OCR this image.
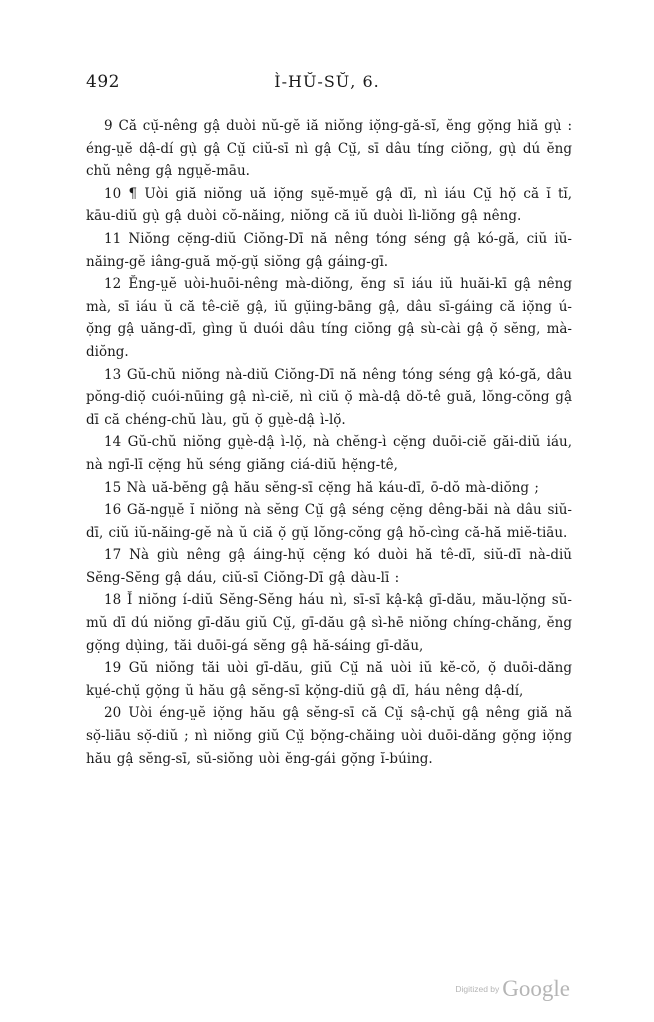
492	Ì-HŬ-SŬ, 6.

9 Că cụ̆-nêng gậ duòi nŭ-gĕ iă niŏng iọ̆ng-gă-sĭ, ĕng gọ̆ng hiă gụ̀ : éng-ṳĕ dậ-dí gụ̀ gậ Cṳ̆ ciŭ-sī nì gậ Cṳ̆, sī dâu tíng ciŏng, gụ̀ dú ĕng chŭ nêng gậ ngṳĕ-māu.

10 ¶ Uòi giă niŏng uă iọ̆ng sṳĕ-mṳĕ gậ dī, nì iáu Cṳ̆ họ̆ că ĭ tĭ, kāu-diŭ gụ̀ gậ duòi cŏ-năing, niŏng că iŭ duòi lì-liŏng gậ nêng.

11 Niŏng cẹ̆ng-diŭ Ciŏng-Dī nă nêng tóng séng gậ kó-gă, ciŭ iŭ-năing-gĕ iâng-guă mọ̆-gụ̆ siŏng gậ gáing-gī.

12 Ĕng-ṳĕ uòi-huōi-nêng mà-diŏng, ĕng sī iáu iŭ huăi-kī gậ nêng mà, sī iáu ŭ că tê-ciĕ gậ, iŭ gụ̆ing-bāng gậ, dâu sī-gáing că iọ̆ng ú-ọ̆ng gậ uăng-dī, gìng ŭ duói dâu tíng ciŏng gậ sù-cài gậ ọ̆ sĕng, mà-diŏng.

13 Gŭ-chŭ niŏng nà-diŭ Ciŏng-Dī nă nêng tóng séng gậ kó-gă, dâu pŏng-diọ̆ cuói-nūing gậ nì-ciĕ, nì ciŭ ọ̆ mà-dậ dŏ-tê guă, lŏng-cŏng gậ dī că chéng-chŭ làu, gŭ ọ̆ gṳè-dậ ì-lọ̆.

14 Gŭ-chŭ niŏng gṳè-dậ ì-lọ̆, nà chĕng-ì cẹ̆ng duōi-ciĕ găi-diŭ iáu, nà ngī-lī cẹ̆ng hŭ séng giăng ciá-diŭ hẹ̆ng-tê,

15 Nà uă-bĕng gậ hău sĕng-sī cẹ̆ng hă káu-dī, ō-dŏ mà-diŏng ;

16 Gă-ngṳĕ ĭ niŏng nà sĕng Cṳ̆ gậ séng cẹ̆ng dêng-băi nà dâu siŭ-dī, ciŭ iŭ-năing-gĕ nà ŭ ciă ọ̆ gụ̆ lŏng-cŏng gậ hŏ-cìng că-hă miĕ-tiāu.

17 Nà giù nêng gậ áing-hụ̆ cẹ̆ng kó duòi hă tê-dī, siŭ-dī nà-diŭ Sĕng-Sĕng gậ dáu, ciŭ-sī Ciŏng-Dī gậ dàu-lī :

18 Ĭ niŏng í-diŭ Sĕng-Sĕng háu nì, sī-sī kậ-kậ gī-dău, mău-lọ̆ng sŭ-mŭ dī dú niŏng gī-dău giŭ Cṳ̆, gī-dău gậ sì-hē niŏng chíng-chăng, ĕng gọ̆ng dụ̀ing, tăi duōi-gá sĕng gậ hă-sáing gī-dău,

19 Gŭ niŏng tăi uòi gī-dău, giŭ Cṳ̆ nă uòi iŭ kĕ-cŏ, ọ̆ duōi-dăng kṳé-chụ̆ gọ̆ng ŭ hău gậ sĕng-sī kọ̆ng-diŭ gậ dī, háu nêng dậ-dí,

20 Uòi éng-ṳĕ iọ̆ng hău gậ sĕng-sī că Cṳ̆ sậ-chụ̆ gậ nêng giă nă sọ̆-liāu sọ̆-diŭ ; nì niŏng giŭ Cṳ̆ bọ̆ng-chăing uòi duōi-dăng gọ̆ng iọ̆ng hău gậ sĕng-sī, sŭ-siŏng uòi ĕng-gái gọ̆ng ĭ-búing.

Digitized by Google
